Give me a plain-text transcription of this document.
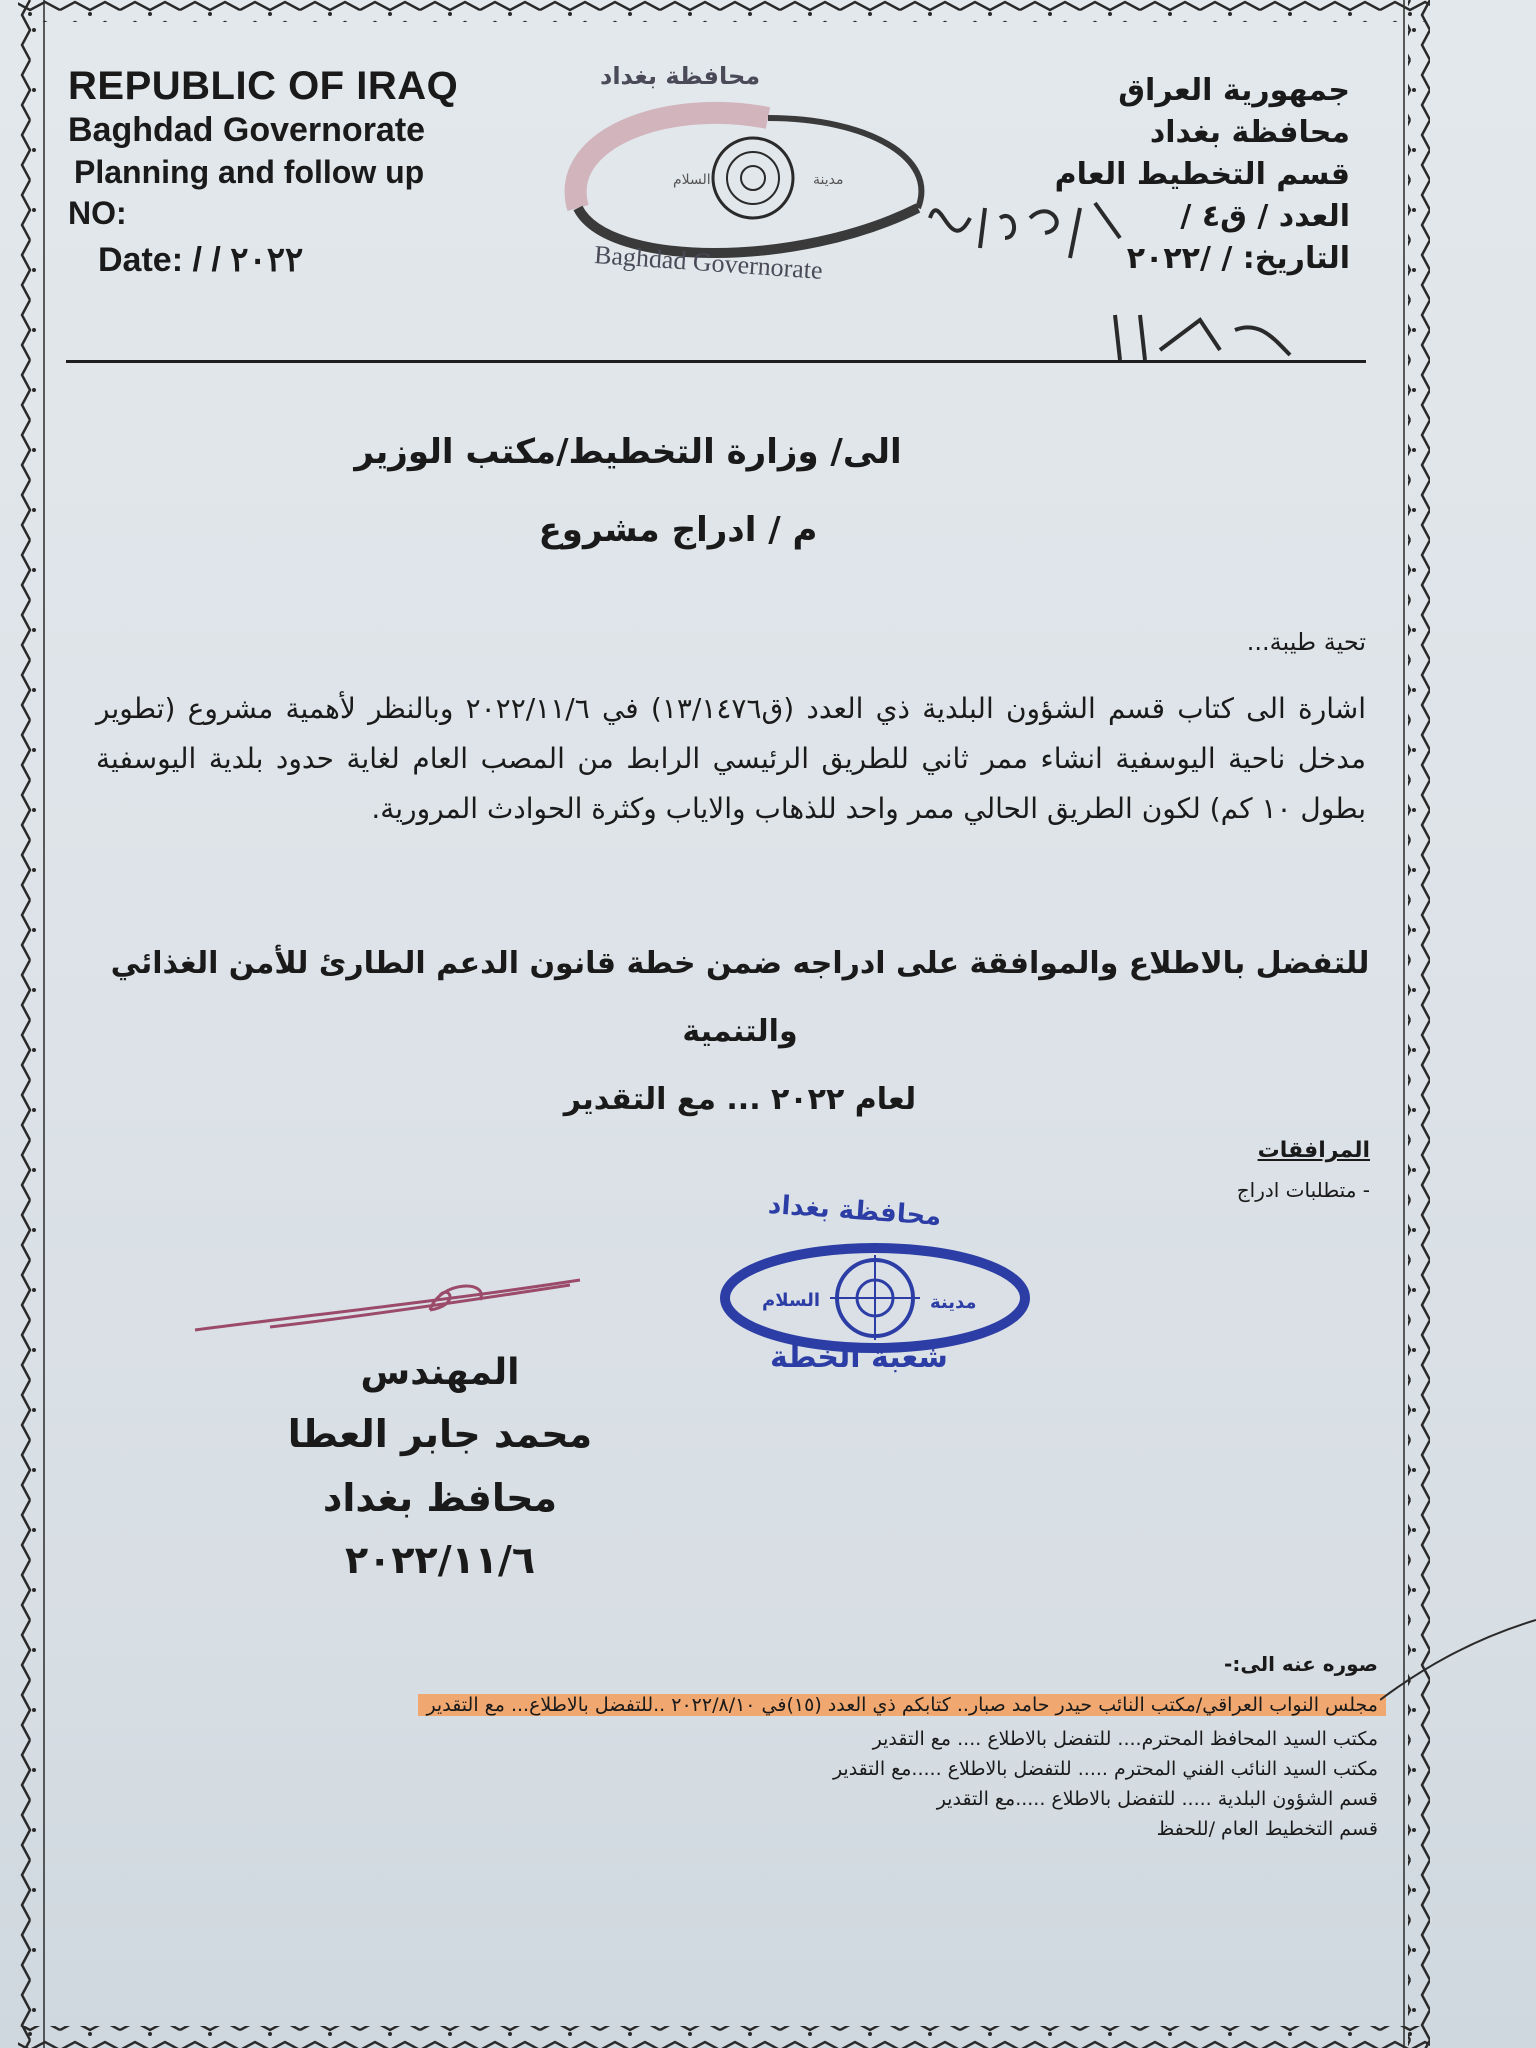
REPUBLIC OF IRAQ
Baghdad Governorate
Planning and follow up
NO:
Date: / / ٢٠٢٢
السلام	مدينة
محافظة بغداد
Baghdad Governorate
جمهورية العراق
محافظة بغداد
قسم التخطيط العام
العدد / ق٤ /
التاريخ: / /٢٠٢٢
الى/ وزارة التخطيط/مكتب الوزير
م / ادراج مشروع
تحية طيبة...
اشارة الى كتاب قسم الشؤون البلدية ذي العدد (ق١٣/١٤٧٦) في ٢٠٢٢/١١/٦ وبالنظر لأهمية مشروع (تطوير مدخل ناحية اليوسفية انشاء ممر ثاني للطريق الرئيسي الرابط من المصب العام لغاية حدود بلدية اليوسفية بطول ١٠ كم) لكون الطريق الحالي ممر واحد للذهاب والاياب وكثرة الحوادث المرورية.
للتفضل بالاطلاع والموافقة على ادراجه ضمن خطة قانون الدعم الطارئ للأمن الغذائي والتنمية
لعام ٢٠٢٢ ... مع التقدير
المرافقات
- متطلبات ادراج
السلام	مدينة
محافظة بغداد
شعبة الخطة
المهندس
محمد جابر العطا
محافظ بغداد
٢٠٢٢/١١/٦
صوره عنه الى:-
مجلس النواب العراقي/مكتب النائب حيدر حامد صبار.. كتابكم ذي العدد (١٥)في ٢٠٢٢/٨/١٠ ..للتفضل بالاطلاع... مع التقدير
مكتب السيد المحافظ المحترم.... للتفضل بالاطلاع .... مع التقدير
مكتب السيد النائب الفني المحترم ..... للتفضل بالاطلاع .....مع التقدير
قسم الشؤون البلدية ..... للتفضل بالاطلاع .....مع التقدير
قسم التخطيط العام /للحفظ
